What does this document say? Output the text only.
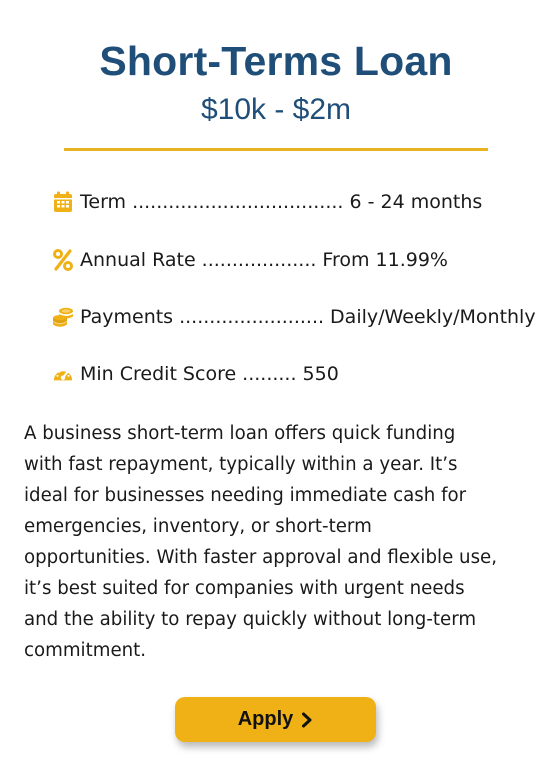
Short-Terms Loan
$10k - $2m
Term ................................... 6 - 24 months
Annual Rate ................... From 11.99%
Payments ........................ Daily/Weekly/Monthly
Min Credit Score ......... 550

A business short-term loan offers quick funding
with fast repayment, typically within a year. It’s
ideal for businesses needing immediate cash for
emergencies, inventory, or short-term
opportunities. With faster approval and flexible use,
it’s best suited for companies with urgent needs
and the ability to repay quickly without long-term
commitment.

Apply
